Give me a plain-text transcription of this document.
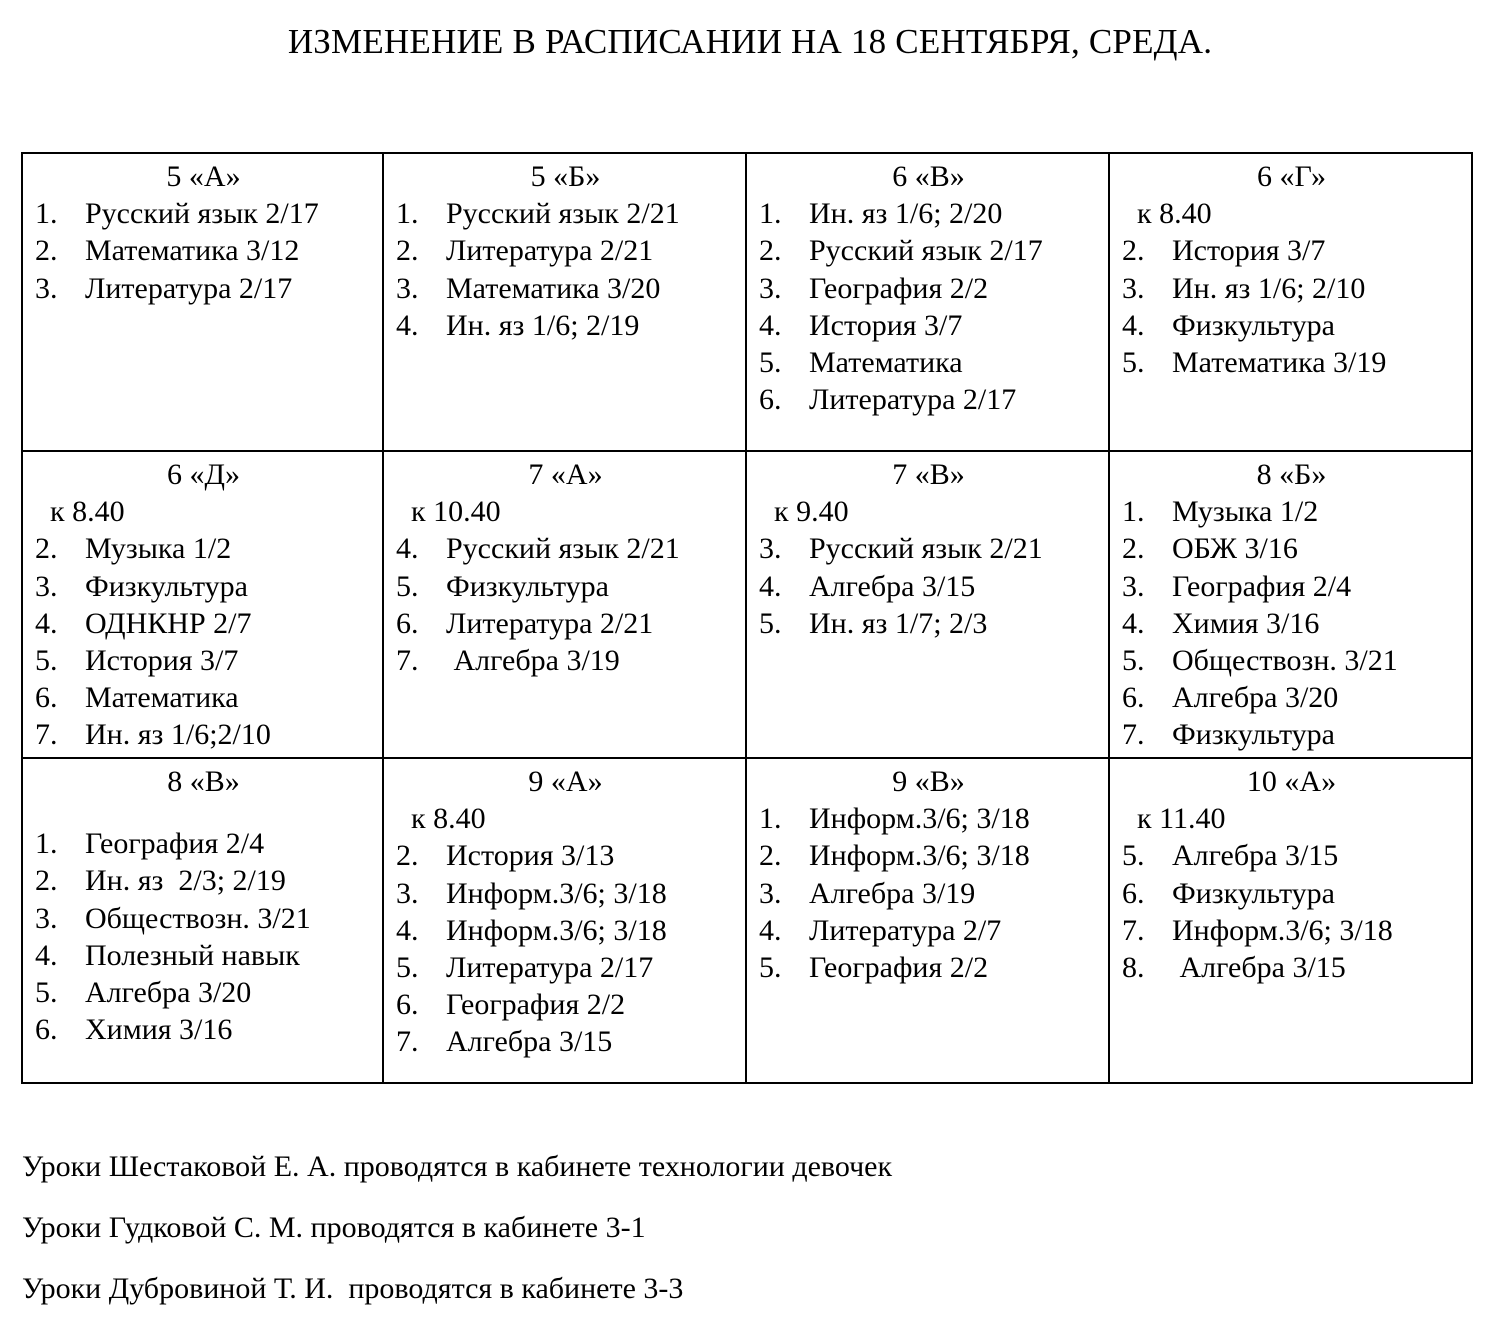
ИЗМЕНЕНИЕ В РАСПИСАНИИ НА 18 СЕНТЯБРЯ, СРЕДА.
5 «А»
1. Русский язык 2/17
2. Математика 3/12
3. Литература 2/17
5 «Б»
1. Русский язык 2/21
2. Литература 2/21
3. Математика 3/20
4. Ин. яз 1/6; 2/19
6 «В»
1. Ин. яз 1/6; 2/20
2. Русский язык 2/17
3. География 2/2
4. История 3/7
5. Математика
6. Литература 2/17
6 «Г»
к 8.40
2. История 3/7
3. Ин. яз 1/6; 2/10
4. Физкультура
5. Математика 3/19
6 «Д»
к 8.40
2. Музыка 1/2
3. Физкультура
4. ОДНКНР 2/7
5. История 3/7
6. Математика
7. Ин. яз 1/6;2/10
7 «А»
к 10.40
4. Русский язык 2/21
5. Физкультура
6. Литература 2/21
7. Алгебра 3/19
7 «В»
к 9.40
3. Русский язык 2/21
4. Алгебра 3/15
5. Ин. яз 1/7; 2/3
8 «Б»
1. Музыка 1/2
2. ОБЖ 3/16
3. География 2/4
4. Химия 3/16
5. Обществозн. 3/21
6. Алгебра 3/20
7. Физкультура
8 «В»
1. География 2/4
2. Ин. яз  2/3; 2/19
3. Обществозн. 3/21
4. Полезный навык
5. Алгебра 3/20
6. Химия 3/16
9 «А»
к 8.40
2. История 3/13
3. Информ.3/6; 3/18
4. Информ.3/6; 3/18
5. Литература 2/17
6. География 2/2
7. Алгебра 3/15
9 «В»
1. Информ.3/6; 3/18
2. Информ.3/6; 3/18
3. Алгебра 3/19
4. Литература 2/7
5. География 2/2
10 «А»
к 11.40
5. Алгебра 3/15
6. Физкультура
7. Информ.3/6; 3/18
8. Алгебра 3/15
Уроки Шестаковой Е. А. проводятся в кабинете технологии девочек
Уроки Гудковой С. М. проводятся в кабинете 3-1
Уроки Дубровиной Т. И.  проводятся в кабинете 3-3
